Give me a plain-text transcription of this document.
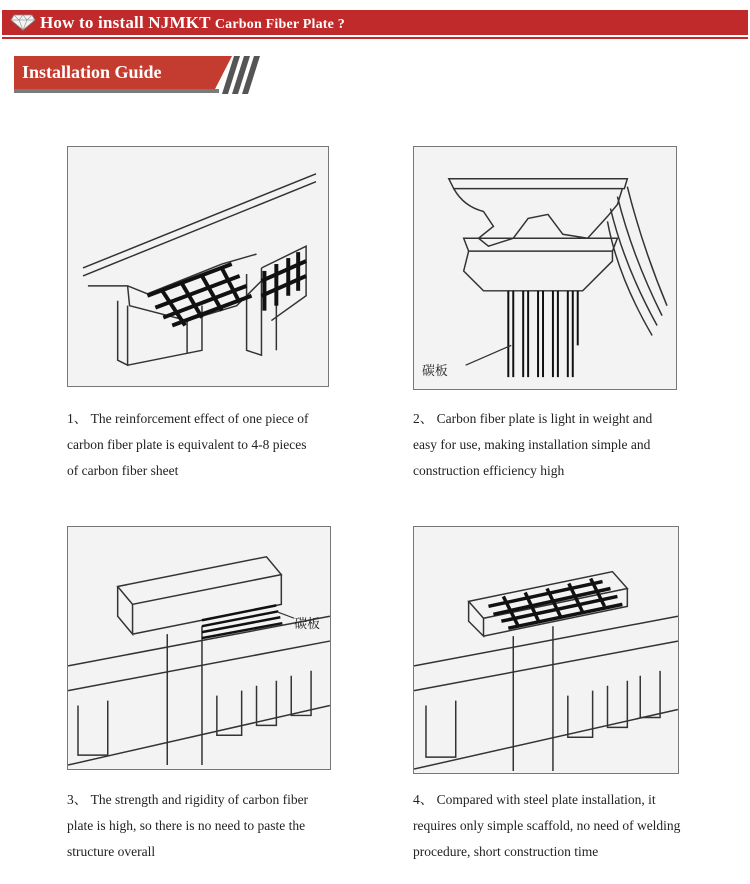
How to install NJMKT Carbon Fiber Plate ?
Installation Guide
碳板
1、 The reinforcement effect of one piece of
carbon fiber plate is equivalent to 4-8 pieces
of carbon fiber sheet
2、 Carbon fiber plate is light in weight and
easy for use, making installation simple and
construction efficiency high
碳板
3、 The strength and rigidity of carbon fiber
plate is high, so there is no need to paste the
structure overall
4、 Compared with steel plate installation, it
requires only simple scaffold, no need of welding
procedure, short construction time
